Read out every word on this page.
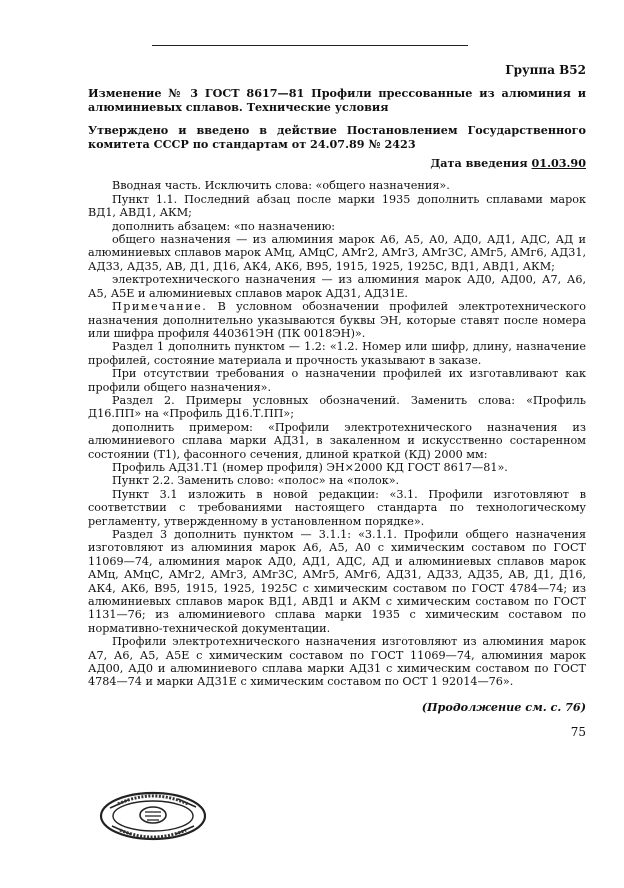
Группа В52
Изменение № 3 ГОСТ 8617—81 Профили прессованные из алюминия и алюминиевых сплавов. Технические условия
Утверждено и введено в действие Постановлением Государственного комитета СССР по стандартам от 24.07.89 № 2423
Дата введения 01.03.90

Вводная часть. Исключить слова: «общего назначения».

Пункт 1.1. Последний абзац после марки 1935 дополнить сплавами марок ВД1, АВД1, АКМ;

дополнить абзацем: «по назначению:

общего назначения — из алюминия марок А6, А5, А0, АД0, АД1, АДС, АД и алюминиевых сплавов марок АМц, АМцС, АМг2, АМг3, АМг3С, АМг5, АМг6, АД31, АД33, АД35, АВ, Д1, Д16, АК4, АК6, В95, 1915, 1925, 1925С, ВД1, АВД1, АКМ;

электротехнического назначения — из алюминия марок АД0, АД00, А7, А6, А5, А5Е и алюминиевых сплавов марок АД31, АД31Е.

Примечание. В условном обозначении профилей электротехнического назначения дополнительно указываются буквы ЭН, которые ставят после номера или шифра профиля 440361ЭН (ПК 0018ЭН)».

Раздел 1 дополнить пунктом — 1.2: «1.2. Номер или шифр, длину, назначение профилей, состояние материала и прочность указывают в заказе.

При отсутствии требования о назначении профилей их изготавливают как профили общего назначения».

Раздел 2. Примеры условных обозначений. Заменить слова: «Профиль Д16.ПП» на «Профиль Д16.Т.ПП»;

дополнить примером: «Профили электротехнического назначения из алюминиевого сплава марки АД31, в закаленном и искусственно состаренном состоянии (Т1), фасонного сечения, длиной краткой (КД) 2000 мм:

Профиль АД31.Т1 (номер профиля) ЭН×2000 КД ГОСТ 8617—81».

Пункт 2.2. Заменить слово: «полос» на «полок».

Пункт 3.1 изложить в новой редакции: «3.1. Профили изготовляют в соответствии с требованиями настоящего стандарта по технологическому регламенту, утвержденному в установленном порядке».

Раздел 3 дополнить пунктом — 3.1.1: «3.1.1. Профили общего назначения изготовляют из алюминия марок А6, А5, А0 с химическим составом по ГОСТ 11069—74, алюминия марок АД0, АД1, АДС, АД и алюминиевых сплавов марок АМц, АМцС, АМг2, АМг3, АМг3С, АМг5, АМг6, АД31, АД33, АД35, АВ, Д1, Д16, АК4, АК6, В95, 1915, 1925, 1925С с химическим составом по ГОСТ 4784—74; из алюминиевых сплавов марок ВД1, АВД1 и АКМ с химическим составом по ГОСТ 1131—76; из алюминиевого сплава марки 1935 с химическим составом по нормативно-технической документации.

Профили электротехнического назначения изготовляют из алюминия марок А7, А6, А5, А5Е с химическим составом по ГОСТ 11069—74, алюминия марок АД00, АД0 и алюминиевого сплава марки АД31 с химическим составом по ГОСТ 4784—74 и марки АД31Е с химическим составом по ОСТ 1 92014—76».

(Продолжение см. с. 76)
75
